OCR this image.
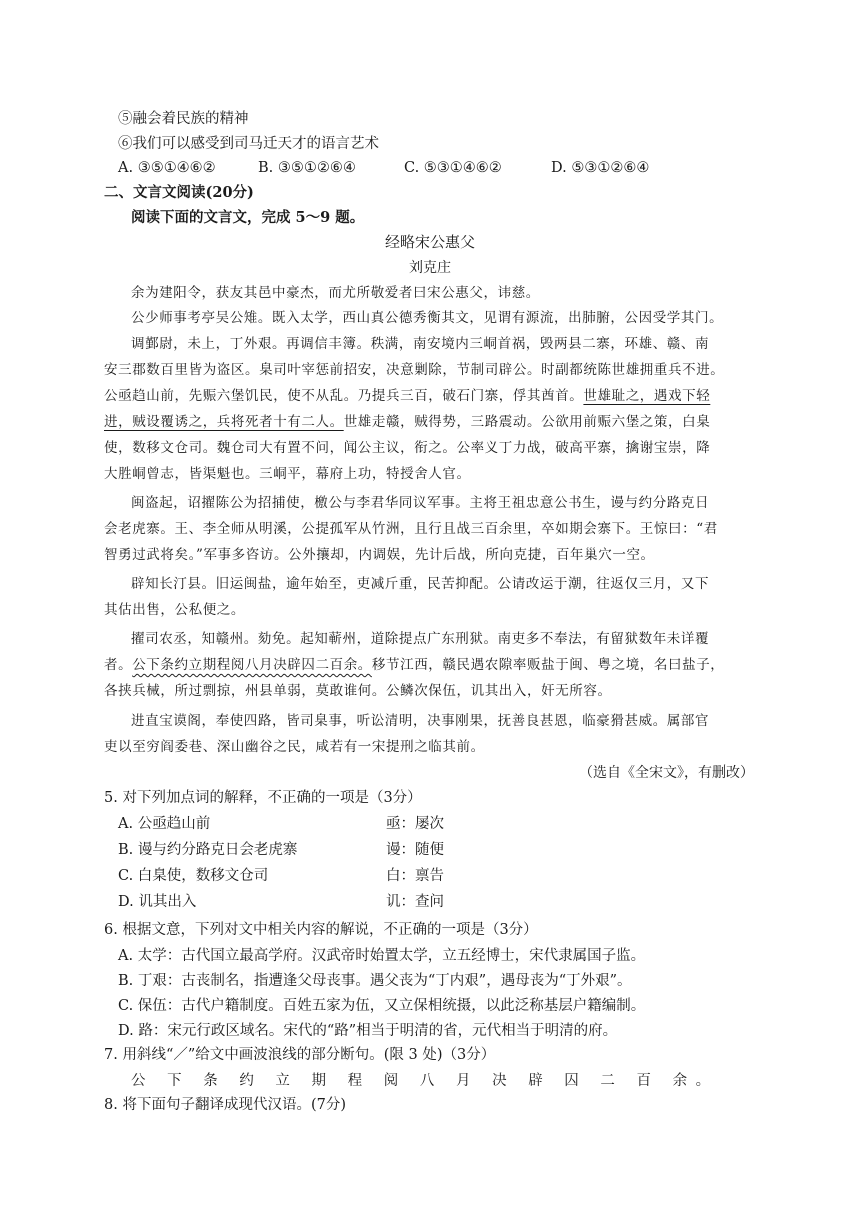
⑤融会着民族的精神
⑥我们可以感受到司马迁天才的语言艺术
A. ③⑤①④⑥②	B. ③⑤①②⑥④	C. ⑤③①④⑥②	D. ⑤③①②⑥④
二、文言文阅读(20分)
阅读下面的文言文，完成 5～9 题。
经略宋公惠父
刘克庄
余为建阳令，获友其邑中豪杰，而尤所敬爱者曰宋公惠父，讳慈。
公少师事考亭吴公雉。既入太学，西山真公德秀衡其文，见谓有源流，出肺腑，公因受学其门。
调鄞尉，未上，丁外艰。再调信丰簿。秩满，南安境内三峒首祸，毁两县二寨，环雄、赣、南
安三郡数百里皆为盗区。臬司叶宰惩前招安，决意剿除，节制司辟公。时副都统陈世雄拥重兵不进。
公亟趋山前，先赈六堡饥民，使不从乱。乃提兵三百，破石门寨，俘其酋首。世雄耻之，遇戏下轻
进，贼设覆诱之，兵将死者十有二人。世雄走赣，贼得势，三路震动。公欲用前赈六堡之策，白臬
使，数移文仓司。魏仓司大有置不问，闻公主议，衔之。公率义丁力战，破高平寨，擒谢宝崇，降
大胜峒曾志，皆渠魁也。三峒平，幕府上功，特授舍人官。
闽盗起，诏擢陈公为招捕使，檄公与李君华同议军事。主将王祖忠意公书生，谩与约分路克日
会老虎寨。王、李全师从明溪，公提孤军从竹洲，且行且战三百余里，卒如期会寨下。王惊曰：“君
智勇过武将矣。”军事多咨访。公外攘却，内调娱，先计后战，所向克捷，百年巢穴一空。
辟知长汀县。旧运闽盐，逾年始至，吏减斤重，民苦抑配。公请改运于潮，往返仅三月，又下
其估出售，公私便之。
擢司农丞，知赣州。劾免。起知蕲州，道除提点广东刑狱。南吏多不奉法，有留狱数年未详覆
者。公下条约立期程阅八月决辟囚二百余。移节江西，赣民遇农隙率贩盐于闽、粤之境，名曰盐子，
各挟兵械，所过剽掠，州县单弱，莫敢谁何。公鳞次保伍，讥其出入，奸无所容。
进直宝谟阁，奉使四路，皆司臬事，听讼清明，决事刚果，抚善良甚恩，临豪猾甚威。属部官
吏以至穷阎委巷、深山幽谷之民，咸若有一宋提刑之临其前。
（选自《全宋文》，有删改）
5. 对下列加点词的解释，不正确的一项是（3分）
A. 公亟趋山前	亟：屡次
B. 谩与约分路克日会老虎寨	谩：随便
C. 白臬使，数移文仓司	白：禀告
D. 讥其出入	讥：查问
6. 根据文意，下列对文中相关内容的解说，不正确的一项是（3分）
A. 太学：古代国立最高学府。汉武帝时始置太学，立五经博士，宋代隶属国子监。
B. 丁艰：古丧制名，指遭逢父母丧事。遇父丧为“丁内艰”，遇母丧为“丁外艰”。
C. 保伍：古代户籍制度。百姓五家为伍，又立保相统摄，以此泛称基层户籍编制。
D. 路：宋元行政区域名。宋代的“路”相当于明清的省，元代相当于明清的府。
7. 用斜线“／”给文中画波浪线的部分断句。(限 3 处)（3分）
公 下 条 约 立 期 程 阅 八 月 决 辟 囚 二 百 余。
8. 将下面句子翻译成现代汉语。(7分)
